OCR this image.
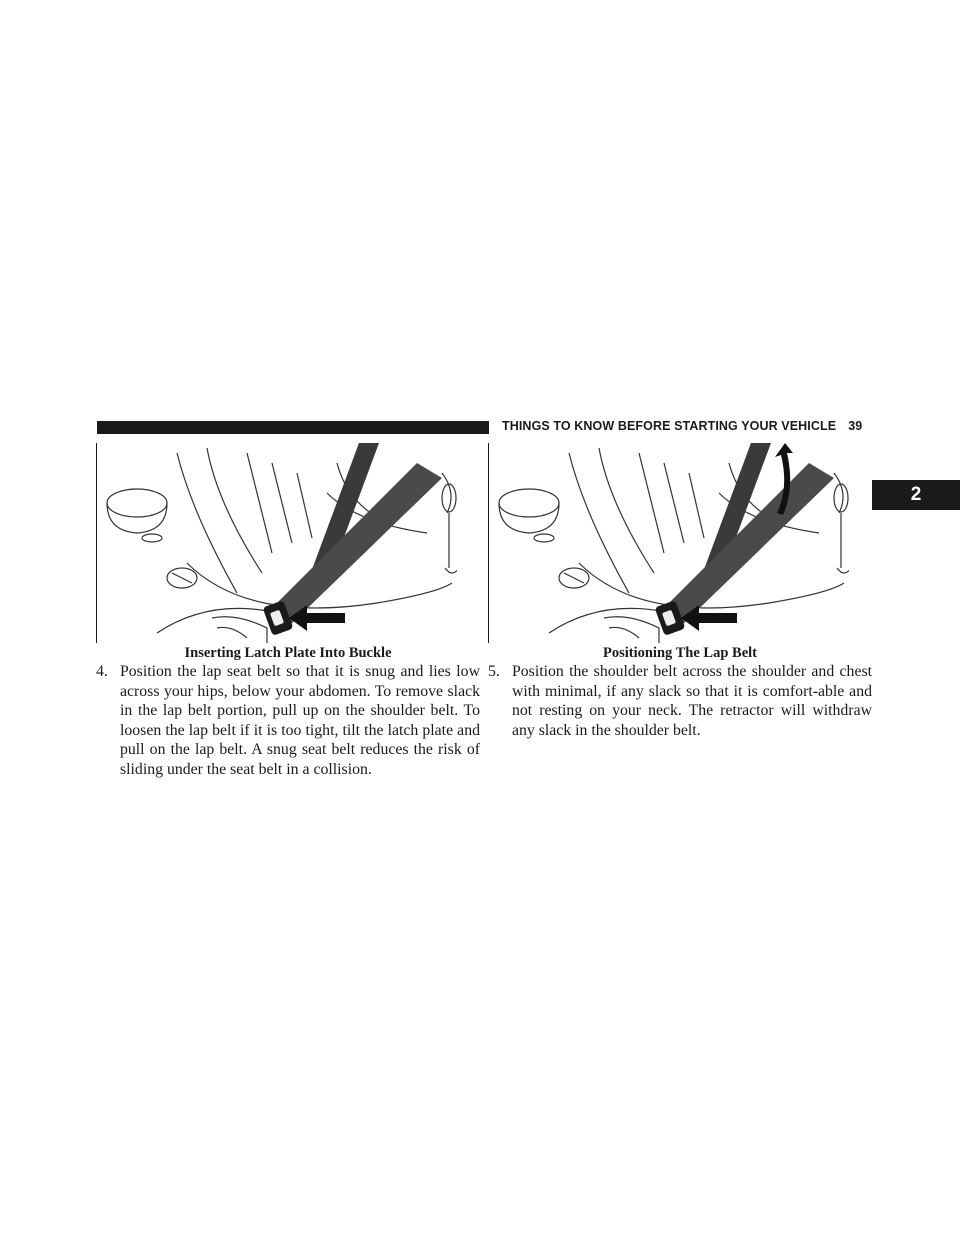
THINGS TO KNOW BEFORE STARTING YOUR VEHICLE 39
2
Inserting Latch Plate Into Buckle	Positioning The Lap Belt
4. Position the lap seat belt so that it is snug and lies low across your hips, below your abdomen. To remove slack in the lap belt portion, pull up on the shoulder belt. To loosen the lap belt if it is too tight, tilt the latch plate and pull on the lap belt. A snug seat belt reduces the risk of sliding under the seat belt in a collision.
5. Position the shoulder belt across the shoulder and chest with minimal, if any slack so that it is comfort-able and not resting on your neck. The retractor will withdraw any slack in the shoulder belt.
